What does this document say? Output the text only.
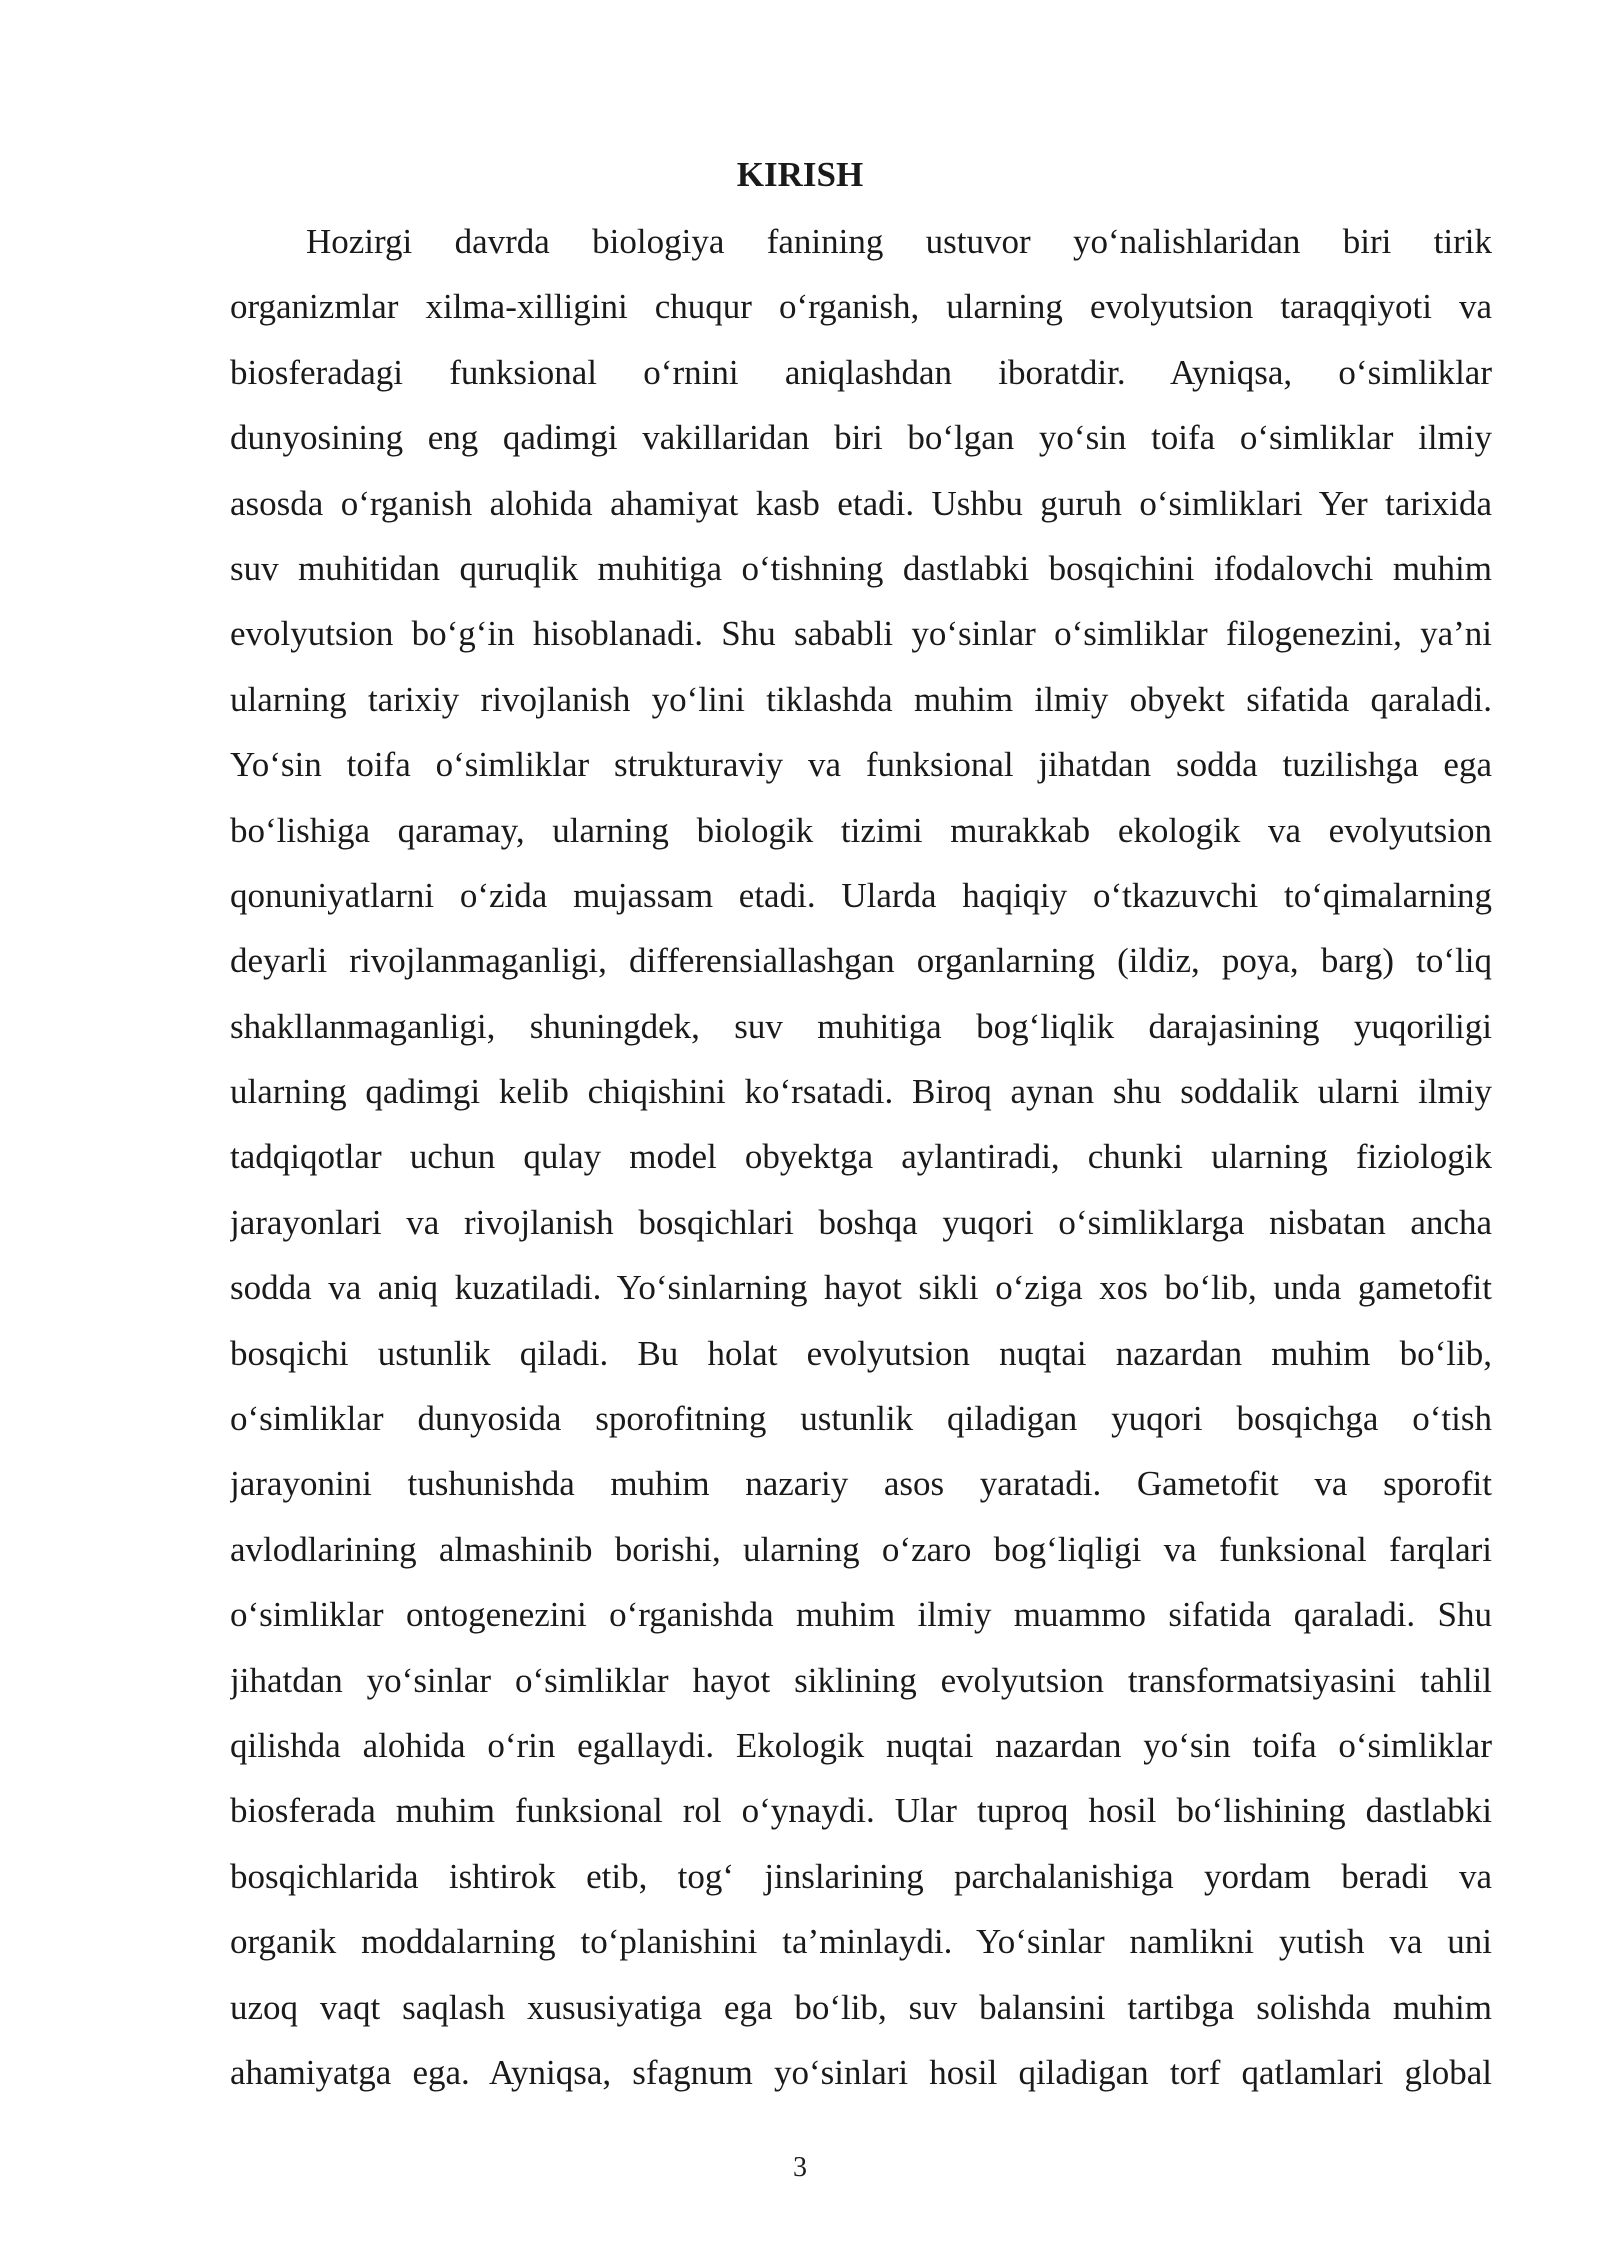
KIRISH
Hozirgi davrda biologiya fanining ustuvor yo‘nalishlaridan biri tirik
organizmlar xilma-xilligini chuqur o‘rganish, ularning evolyutsion taraqqiyoti va
biosferadagi funksional o‘rnini aniqlashdan iboratdir. Ayniqsa, o‘simliklar
dunyosining eng qadimgi vakillaridan biri bo‘lgan yo‘sin toifa o‘simliklar ilmiy
asosda o‘rganish alohida ahamiyat kasb etadi. Ushbu guruh o‘simliklari Yer tarixida
suv muhitidan quruqlik muhitiga o‘tishning dastlabki bosqichini ifodalovchi muhim
evolyutsion bo‘g‘in hisoblanadi. Shu sababli yo‘sinlar o‘simliklar filogenezini, ya’ni
ularning tarixiy rivojlanish yo‘lini tiklashda muhim ilmiy obyekt sifatida qaraladi.
Yo‘sin toifa o‘simliklar strukturaviy va funksional jihatdan sodda tuzilishga ega
bo‘lishiga qaramay, ularning biologik tizimi murakkab ekologik va evolyutsion
qonuniyatlarni o‘zida mujassam etadi. Ularda haqiqiy o‘tkazuvchi to‘qimalarning
deyarli rivojlanmaganligi, differensiallashgan organlarning (ildiz, poya, barg) to‘liq
shakllanmaganligi, shuningdek, suv muhitiga bog‘liqlik darajasining yuqoriligi
ularning qadimgi kelib chiqishini ko‘rsatadi. Biroq aynan shu soddalik ularni ilmiy
tadqiqotlar uchun qulay model obyektga aylantiradi, chunki ularning fiziologik
jarayonlari va rivojlanish bosqichlari boshqa yuqori o‘simliklarga nisbatan ancha
sodda va aniq kuzatiladi. Yo‘sinlarning hayot sikli o‘ziga xos bo‘lib, unda gametofit
bosqichi ustunlik qiladi. Bu holat evolyutsion nuqtai nazardan muhim bo‘lib,
o‘simliklar dunyosida sporofitning ustunlik qiladigan yuqori bosqichga o‘tish
jarayonini tushunishda muhim nazariy asos yaratadi. Gametofit va sporofit
avlodlarining almashinib borishi, ularning o‘zaro bog‘liqligi va funksional farqlari
o‘simliklar ontogenezini o‘rganishda muhim ilmiy muammo sifatida qaraladi. Shu
jihatdan yo‘sinlar o‘simliklar hayot siklining evolyutsion transformatsiyasini tahlil
qilishda alohida o‘rin egallaydi. Ekologik nuqtai nazardan yo‘sin toifa o‘simliklar
biosferada muhim funksional rol o‘ynaydi. Ular tuproq hosil bo‘lishining dastlabki
bosqichlarida ishtirok etib, tog‘ jinslarining parchalanishiga yordam beradi va
organik moddalarning to‘planishini ta’minlaydi. Yo‘sinlar namlikni yutish va uni
uzoq vaqt saqlash xususiyatiga ega bo‘lib, suv balansini tartibga solishda muhim
ahamiyatga ega. Ayniqsa, sfagnum yo‘sinlari hosil qiladigan torf qatlamlari global
3
